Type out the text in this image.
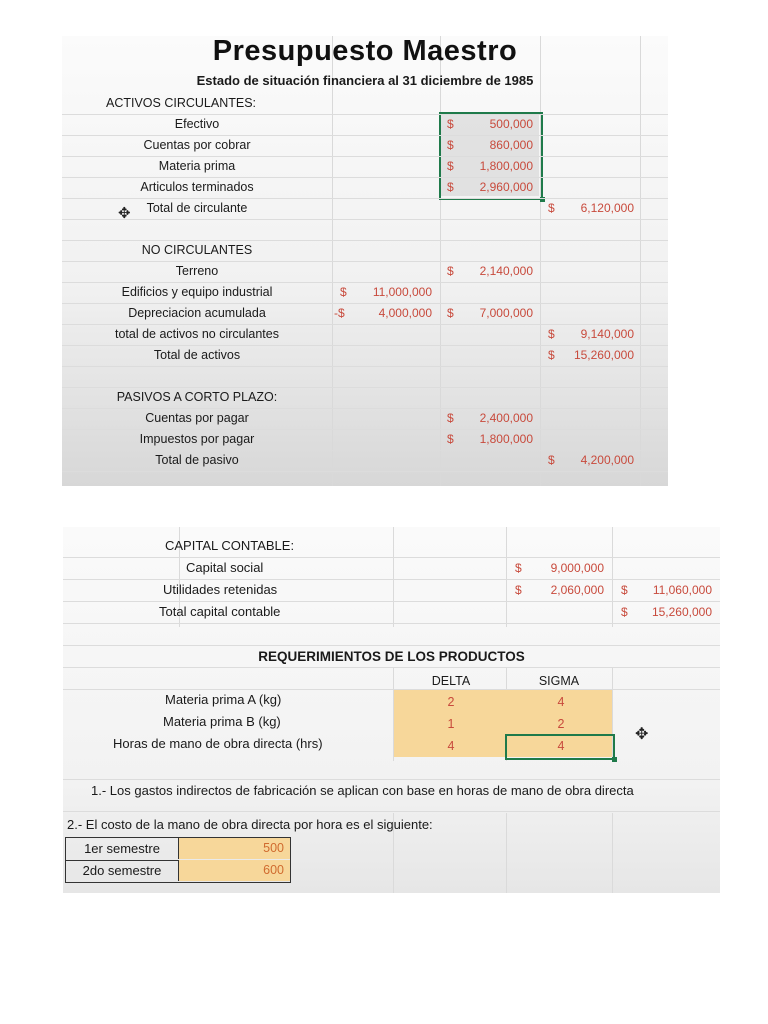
Presupuesto Maestro
Estado de situación financiera al 31 diciembre de 1985
ACTIVOS CIRCULANTES:
Efectivo	$	500,000
Cuentas por cobrar	$	860,000
Materia prima	$ 1,800,000
Articulos terminados	$ 2,960,000
Total de circulante	$ 6,120,000
NO CIRCULANTES
Terreno	$ 2,140,000
Edificios y equipo industrial	$ 11,000,000
Depreciacion acumulada	-$	4,000,000 $ 7,000,000
total de activos no circulantes	$ 9,140,000
Total de activos	$ 15,260,000
PASIVOS A CORTO PLAZO:
Cuentas por pagar	$ 2,400,000
Impuestos por pagar	$ 1,800,000
Total de pasivo	$ 4,200,000
✥
CAPITAL CONTABLE:
Capital social	$ 9,000,000
Utilidades retenidas	$ 2,060,000 $ 11,060,000
Total capital contable	$ 15,260,000
REQUERIMIENTOS DE LOS PRODUCTOS
DELTA	SIGMA
Materia prima A (kg)	2	4
Materia prima B (kg)	1	2
Horas de mano de obra directa (hrs)	4	4
✥
1.- Los gastos indirectos de fabricación se aplican con base en horas de mano de obra directa
2.- El costo de la mano de obra directa por hora es el siguiente:
1er semestre	500
2do semestre	600
